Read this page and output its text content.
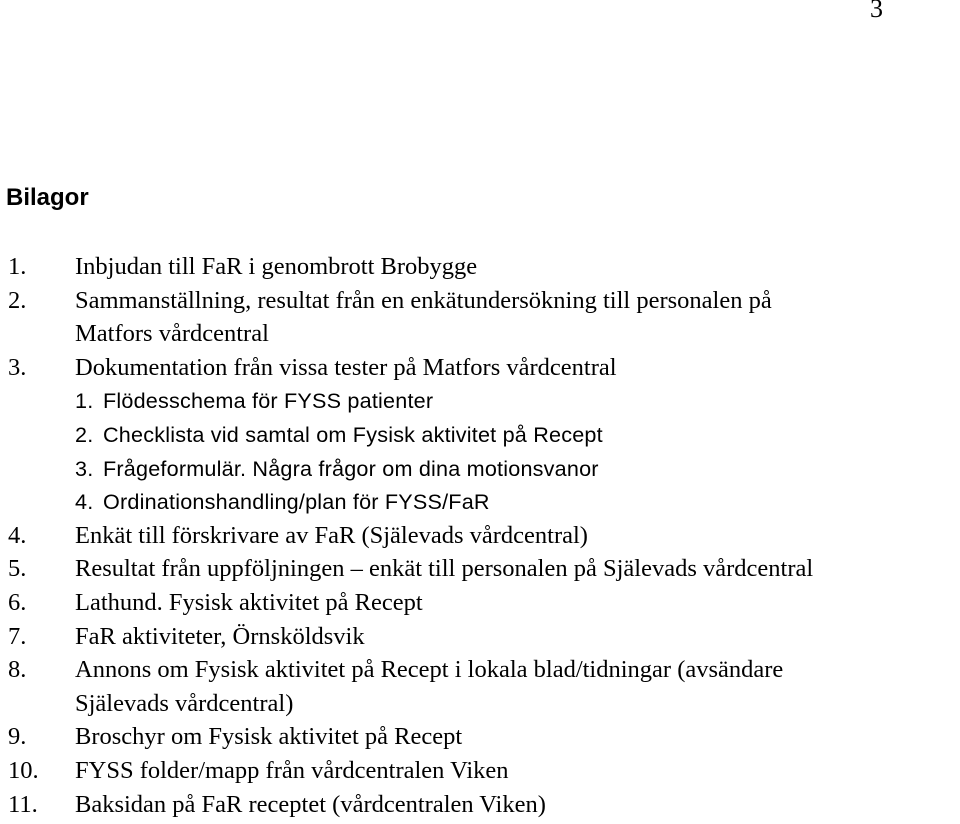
3
Bilagor
1. Inbjudan till FaR i genombrott Brobygge
2. Sammanställning, resultat från en enkätundersökning till personalen på
Matfors vårdcentral
3. Dokumentation från vissa tester på Matfors vårdcentral
1. Flödesschema för FYSS patienter
2. Checklista vid samtal om Fysisk aktivitet på Recept
3. Frågeformulär. Några frågor om dina motionsvanor
4. Ordinationshandling/plan för FYSS/FaR
4. Enkät till förskrivare av FaR (Själevads vårdcentral)
5. Resultat från uppföljningen – enkät till personalen på Själevads vårdcentral
6. Lathund. Fysisk aktivitet på Recept
7. FaR aktiviteter, Örnsköldsvik
8. Annons om Fysisk aktivitet på Recept i lokala blad/tidningar (avsändare
Själevads vårdcentral)
9. Broschyr om Fysisk aktivitet på Recept
10. FYSS folder/mapp från vårdcentralen Viken
11. Baksidan på FaR receptet (vårdcentralen Viken)
